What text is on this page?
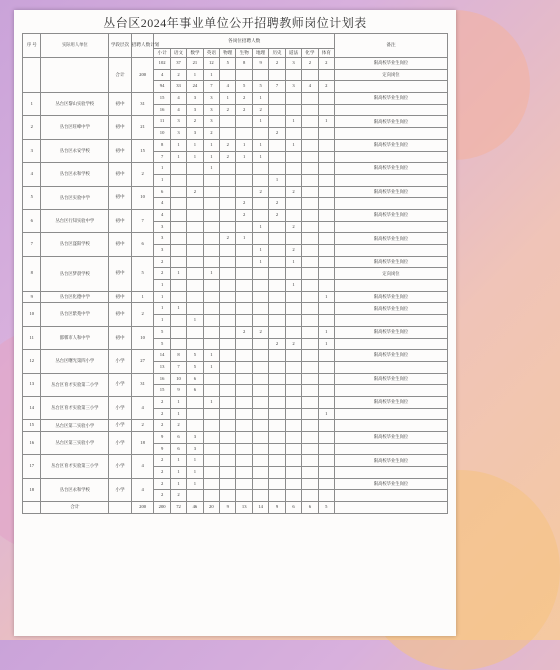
丛台区2024年事业单位公开招聘教师岗位计划表
序 号	实际用人单位	学段层次	招聘人数计划	各岗位招聘人数											备注
				小计	语文	数学	英语	物理	生物	地理	历史	道法	化学	体育	
		合计	200	102	37	21	12	5	8	9	2	3	2	2	限高校毕业生岗位
				4	2	1	1								定向岗位
				94	33	24	7	4	5	5	7	3	4	2	
1	丛台区黎山实验学校	初中	31	15	4	3	3	1	2	1					限高校毕业生岗位
				16	4	3	3	2	2	2					
2	丛台区旺峰中学	初中	21	11	3	2	3			1		1		1	限高校毕业生岗位
				10	3	3	2				2				
3	丛台区永安学校	初中	15	8	1	1	1	2	1	1		1			限高校毕业生岗位
				7	1	1	1	2	1	1					
4	丛台区永和学校	初中	2	1			1								限高校毕业生岗位
				1							1				
5	丛台区实验中学	初中	10	6		2				2		2			限高校毕业生岗位
				4					2		2				
6	丛台区行知实验中学	初中	7	4					2		2				限高校毕业生岗位
				3						1		2			
7	丛台区滏阳学校	初中	6	3				2	1						限高校毕业生岗位
				3						1		2			
8	丛台区梦晨学校	初中	5	2						1		1			限高校毕业生岗位
				2	1		1								定向岗位
				1								1			
9	丛台区化德中学	初中	1	1										1	限高校毕业生岗位
10	丛台区紫苑中学	初中	2	1	1										限高校毕业生岗位
				1		1									
11	邯郸市人和中学	初中	10	5					2	2				1	限高校毕业生岗位
				5							2	2		1	
12	丛台区曙光第四小学	小学	27	14	8	5	1								限高校毕业生岗位
				13	7	5	1								
13	丛台区育才实验第二小学	小学	31	16	10	6									限高校毕业生岗位
				15	9	6									
14	丛台区育才实验第三小学	小学	4	2	1		1								限高校毕业生岗位
				2	1									1	
15	丛台区第二实验小学	小学	2	2	2										
16	丛台区第三实验小学	小学	18	9	6	3									限高校毕业生岗位
				9	6	3									
17	丛台区育才实验第三小学	小学	4	2	1	1									限高校毕业生岗位
				2	1	1									
18	丛台区永和学校	小学	4	2	1	1									限高校毕业生岗位
				2	2										
	合计		200	200	72	46	20	9	13	14	9	6	6	5	
